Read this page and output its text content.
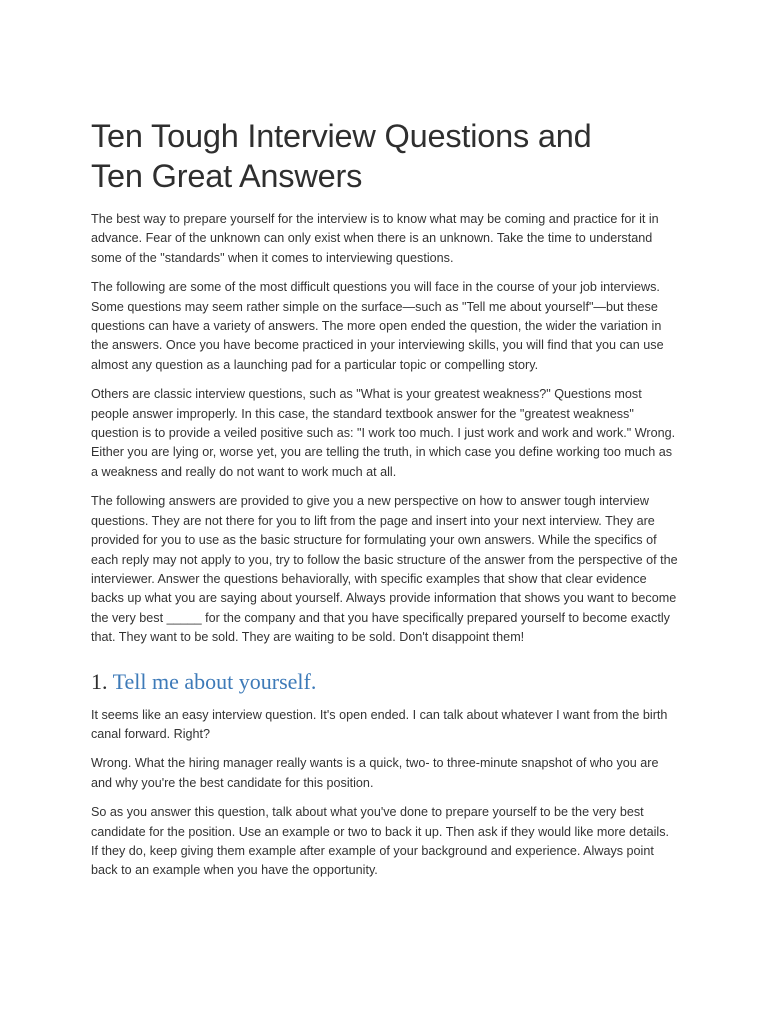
Ten Tough Interview Questions and
Ten Great Answers

The best way to prepare yourself for the interview is to know what may be coming and practice for it in advance. Fear of the unknown can only exist when there is an unknown. Take the time to understand some of the "standards" when it comes to interviewing questions.

The following are some of the most difficult questions you will face in the course of your job interviews. Some questions may seem rather simple on the surface—such as "Tell me about yourself"—but these questions can have a variety of answers. The more open ended the question, the wider the variation in the answers. Once you have become practiced in your interviewing skills, you will find that you can use almost any question as a launching pad for a particular topic or compelling story.

Others are classic interview questions, such as "What is your greatest weakness?" Questions most people answer improperly. In this case, the standard textbook answer for the "greatest weakness" question is to provide a veiled positive such as: "I work too much. I just work and work and work." Wrong. Either you are lying or, worse yet, you are telling the truth, in which case you define working too much as a weakness and really do not want to work much at all.

The following answers are provided to give you a new perspective on how to answer tough interview questions. They are not there for you to lift from the page and insert into your next interview. They are provided for you to use as the basic structure for formulating your own answers. While the specifics of each reply may not apply to you, try to follow the basic structure of the answer from the perspective of the interviewer. Answer the questions behaviorally, with specific examples that show that clear evidence backs up what you are saying about yourself. Always provide information that shows you want to become the very best _____ for the company and that you have specifically prepared yourself to become exactly that. They want to be sold. They are waiting to be sold. Don't disappoint them!

1. Tell me about yourself.

It seems like an easy interview question. It's open ended. I can talk about whatever I want from the birth canal forward. Right?

Wrong. What the hiring manager really wants is a quick, two- to three-minute snapshot of who you are and why you're the best candidate for this position.

So as you answer this question, talk about what you've done to prepare yourself to be the very best candidate for the position. Use an example or two to back it up. Then ask if they would like more details. If they do, keep giving them example after example of your background and experience. Always point back to an example when you have the opportunity.
